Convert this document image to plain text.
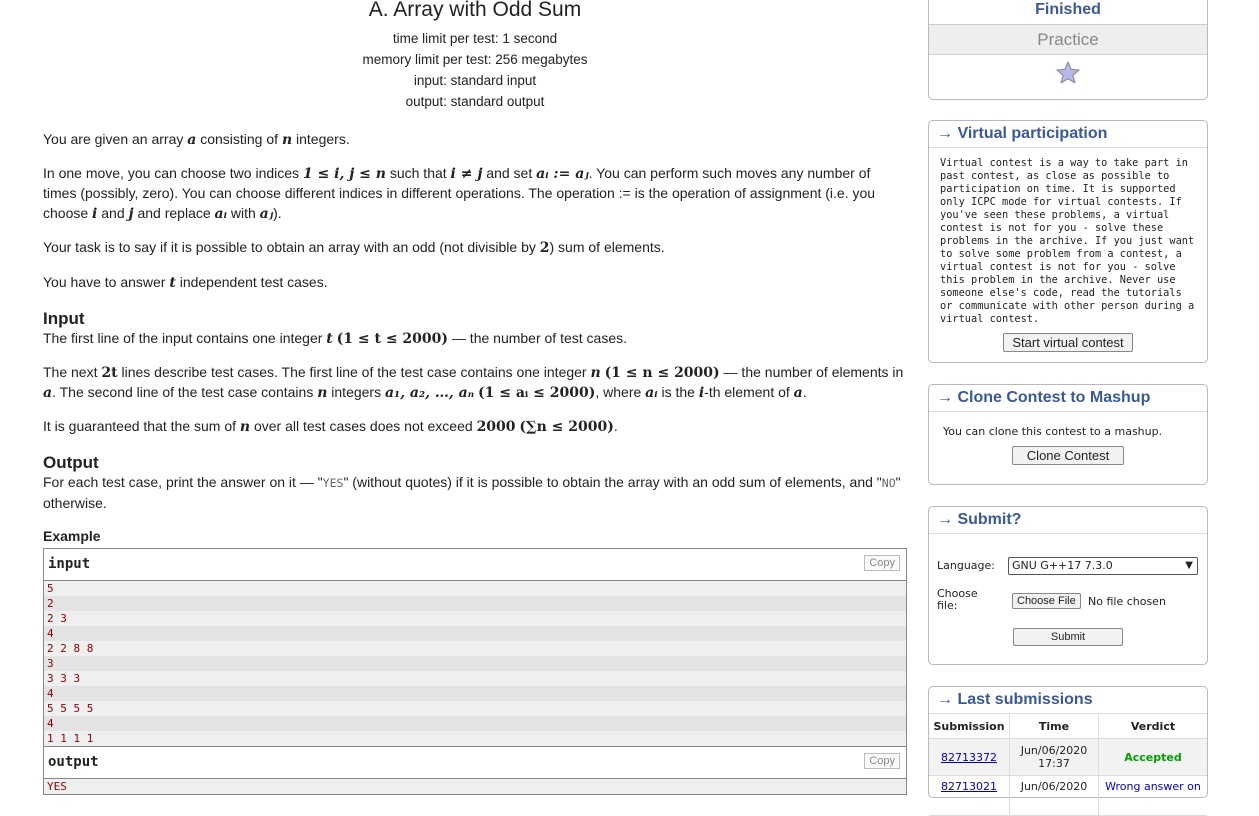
A. Array with Odd Sum
time limit per test: 1 second
memory limit per test: 256 megabytes
input: standard input
output: standard output

You are given an array a consisting of n integers.

In one move, you can choose two indices 1 ≤ i, j ≤ n such that i ≠ j and set aᵢ := aⱼ. You can perform such moves any number of times (possibly, zero). You can choose different indices in different operations. The operation := is the operation of assignment (i.e. you choose i and j and replace aᵢ with aⱼ).

Your task is to say if it is possible to obtain an array with an odd (not divisible by 2) sum of elements.

You have to answer t independent test cases.

Input

The first line of the input contains one integer t (1 ≤ t ≤ 2000) — the number of test cases.

The next 2t lines describe test cases. The first line of the test case contains one integer n (1 ≤ n ≤ 2000) — the number of elements in a. The second line of the test case contains n integers a₁, a₂, …, aₙ (1 ≤ aᵢ ≤ 2000), where aᵢ is the i-th element of a.

It is guaranteed that the sum of n over all test cases does not exceed 2000 (∑n ≤ 2000).

Output

For each test case, print the answer on it — "YES" (without quotes) if it is possible to obtain the array with an odd sum of elements, and "NO" otherwise.

Example
input	Copy
5
2
2 3
4
2 2 8 8
3
3 3 3
4
5 5 5 5
4
1 1 1 1
output	Copy
YES
Finished
Practice
→ Virtual participation
Virtual contest is a way to take part in past contest, as close as possible to participation on time. It is supported only ICPC mode for virtual contests. If you've seen these problems, a virtual contest is not for you - solve these problems in the archive. If you just want to solve some problem from a contest, a virtual contest is not for you - solve this problem in the archive. Never use someone else's code, read the tutorials or communicate with other person during a virtual contest.
Start virtual contest
→ Clone Contest to Mashup
You can clone this contest to a mashup.
Clone Contest
→ Submit?
Language:	GNU G++17 7.3.0	▼
Choose file:	Choose File	No file chosen
Submit
→ Last submissions
Submission	Time	Verdict
82713372	Jun/06/2020 17:37	Accepted
82713021	Jun/06/2020	Wrong answer on
